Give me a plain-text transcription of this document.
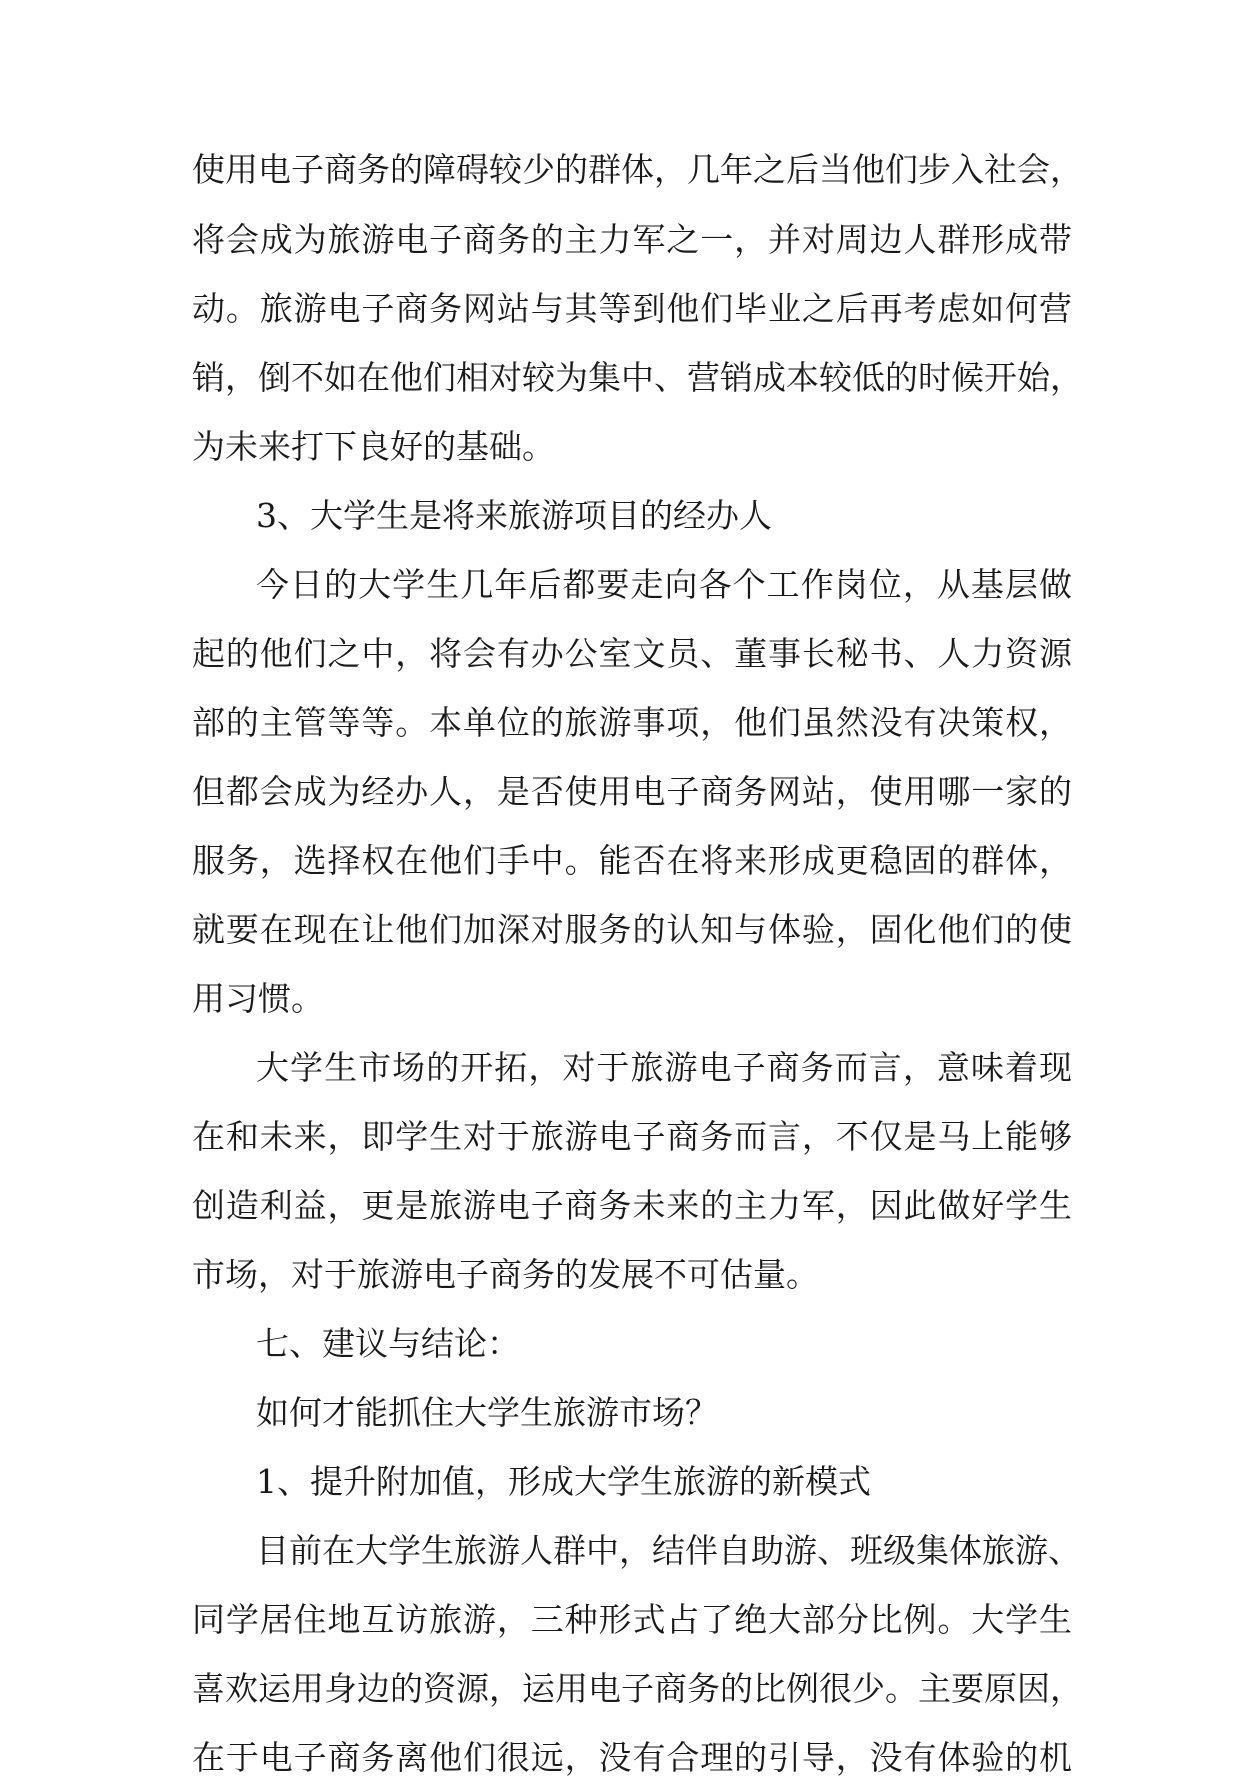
使用电子商务的障碍较少的群体，几年之后当他们步入社会，
将会成为旅游电子商务的主力军之一，并对周边人群形成带
动。旅游电子商务网站与其等到他们毕业之后再考虑如何营
销，倒不如在他们相对较为集中、营销成本较低的时候开始，
为未来打下良好的基础。
3、大学生是将来旅游项目的经办人
今日的大学生几年后都要走向各个工作岗位，从基层做
起的他们之中，将会有办公室文员、董事长秘书、人力资源
部的主管等等。本单位的旅游事项，他们虽然没有决策权，
但都会成为经办人，是否使用电子商务网站，使用哪一家的
服务，选择权在他们手中。能否在将来形成更稳固的群体，
就要在现在让他们加深对服务的认知与体验，固化他们的使
用习惯。
大学生市场的开拓，对于旅游电子商务而言，意味着现
在和未来，即学生对于旅游电子商务而言，不仅是马上能够
创造利益，更是旅游电子商务未来的主力军，因此做好学生
市场，对于旅游电子商务的发展不可估量。
七、建议与结论：
如何才能抓住大学生旅游市场？
1、提升附加值，形成大学生旅游的新模式
目前在大学生旅游人群中，结伴自助游、班级集体旅游、
同学居住地互访旅游，三种形式占了绝大部分比例。大学生
喜欢运用身边的资源，运用电子商务的比例很少。主要原因，
在于电子商务离他们很远，没有合理的引导，没有体验的机
